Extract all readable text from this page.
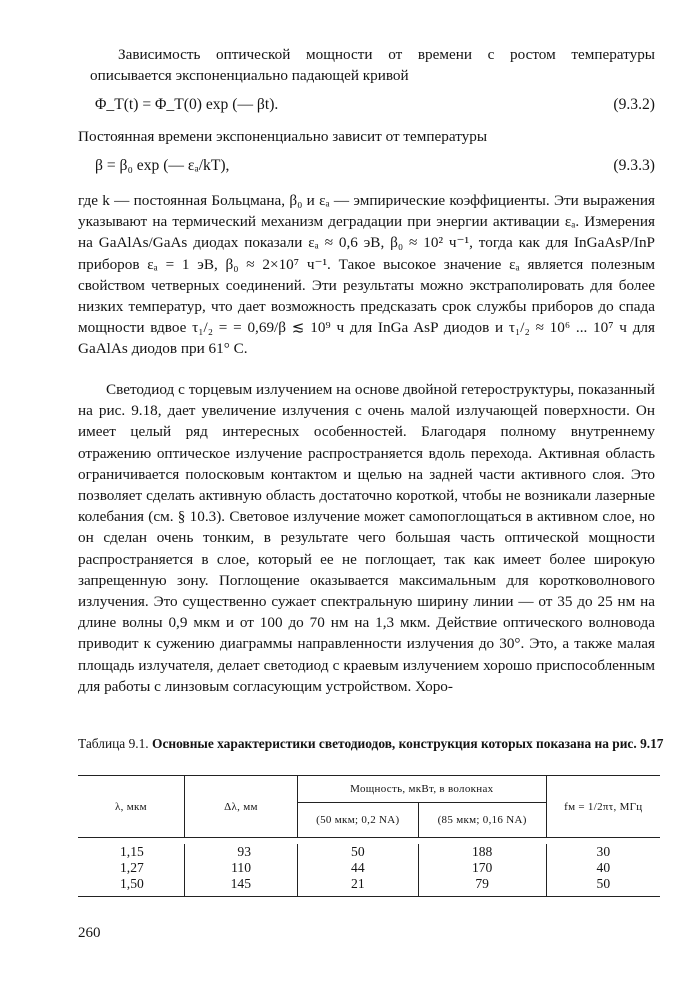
Зависимость оптической мощности от времени с ростом температуры описывается экспоненциально падающей кривой
Φ_T(t) = Φ_T(0) exp (— βt).	(9.3.2)
Постоянная времени экспоненциально зависит от температуры
β = β₀ exp (— εₐ/kT),	(9.3.3)
где k — постоянная Больцмана, β₀ и εₐ — эмпирические коэффициенты. Эти выражения указывают на термический механизм деградации при энергии активации εₐ. Измерения на GaAlAs/GaAs диодах показали εₐ ≈ 0,6 эВ, β₀ ≈ 10² ч⁻¹, тогда как для InGaAsP/InP приборов εₐ = 1 эВ, β₀ ≈ 2×10⁷ ч⁻¹. Такое высокое значение εₐ является полезным свойством четверных соединений. Эти результаты можно экстраполировать для более низких температур, что дает возможность предсказать срок службы приборов до спада мощности вдвое τ₁/₂ = = 0,69/β ≲ 10⁹ ч для InGa AsP диодов и τ₁/₂ ≈ 10⁶ ... 10⁷ ч для GaAlAs диодов при 61° С.
Светодиод с торцевым излучением на основе двойной гетероструктуры, показанный на рис. 9.18, дает увеличение излучения с очень малой излучающей поверхности. Он имеет целый ряд интересных особенностей. Благодаря полному внутреннему отражению оптическое излучение распространяется вдоль перехода. Активная область ограничивается полосковым контактом и щелью на задней части активного слоя. Это позволяет сделать активную область достаточно короткой, чтобы не возникали лазерные колебания (см. § 10.3). Световое излучение может самопоглощаться в активном слое, но он сделан очень тонким, в результате чего большая часть оптической мощности распространяется в слое, который ее не поглощает, так как имеет более широкую запрещенную зону. Поглощение оказывается максимальным для коротковолнового излучения. Это существенно сужает спектральную ширину линии — от 35 до 25 нм на длине волны 0,9 мкм и от 100 до 70 нм на 1,3 мкм. Действие оптического волновода приводит к сужению диаграммы направленности излучения до 30°. Это, а также малая площадь излучателя, делает светодиод с краевым излучением хорошо приспособленным для работы с линзовым согласующим устройством. Хоро-
Таблица 9.1. Основные характеристики светодиодов, конструкция которых показана на рис. 9.17
λ, мкм	Δλ, мм	Мощность, мкВт, в волокнах		fм = 1/2πτ, МГц
		(50 мкм; 0,2 NA)	(85 мкм; 0,16 NA)	

1,15	93	50	188	30
1,27	110	44	170	40
1,50	145	21	79	50
260
